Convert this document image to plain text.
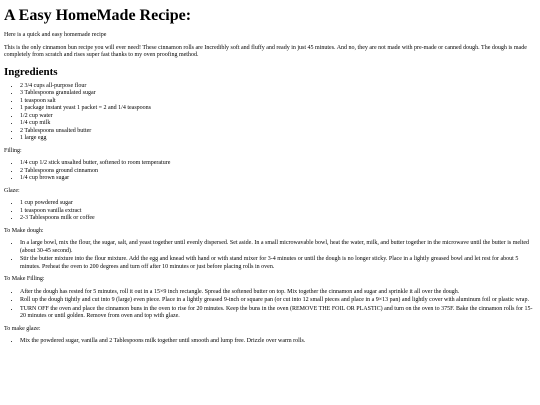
A Easy HomeMade Recipe:

Here is a quick and easy homemade recipe

This is the only cinnamon bun recipe you will ever need! These cinnamon rolls are Incredibly soft and fluffy and ready in just 45 minutes. And no, they are not made with pre-made or canned dough. The dough is made completely from scratch and rises super fast thanks to my oven proofing method.

Ingredients
• 2 3/4 cups all-purpose flour
• 3 Tablespoons granulated sugar
• 1 teaspoon salt
• 1 package instant yeast 1 packet = 2 and 1/4 teaspoons
• 1/2 cup water
• 1/4 cup milk
• 2 Tablespoons unsalted butter
• 1 large egg

Filling:

• 1/4 cup 1/2 stick unsalted butter, softened to room temperature
• 2 Tablespoons ground cinnamon
• 1/4 cup brown sugar

Glaze:

• 1 cup powdered sugar
• 1 teaspoon vanilla extract
• 2-3 Tablespoons milk or coffee

To Make dough:

• In a large bowl, mix the flour, the sugar, salt, and yeast together until evenly dispersed. Set aside. In a small microwavable bowl, heat the water, milk, and butter together in the microwave until the butter is melted (about 30-45 second).
• Stir the butter mixture into the flour mixture. Add the egg and knead with hand or with stand mixer for 3-4 minutes or until the dough is no longer sticky. Place in a lightly greased bowl and let rest for about 5 minutes. Preheat the oven to 200 degrees and turn off after 10 minutes or just before placing rolls in oven.

To Make Filling:

• After the dough has rested for 5 minutes, roll it out in a 15×9 inch rectangle. Spread the softened butter on top. Mix together the cinnamon and sugar and sprinkle it all over the dough.
• Roll up the dough tightly and cut into 9 (large) even piece. Place in a lightly greased 9-inch or square pan (or cut into 12 small pieces and place in a 9×13 pan) and lightly cover with aluminum foil or plastic wrap.
• TURN OFF the oven and place the cinnamon buns in the oven to rise for 20 minutes. Keep the buns in the oven (REMOVE THE FOIL OR PLASTIC) and turn on the oven to 375F. Bake the cinnamon rolls for 15-20 minutes or until golden. Remove from oven and top with glaze.

To make glaze:

• Mix the powdered sugar, vanilla and 2 Tablespoons milk together until smooth and lump free. Drizzle over warm rolls.
